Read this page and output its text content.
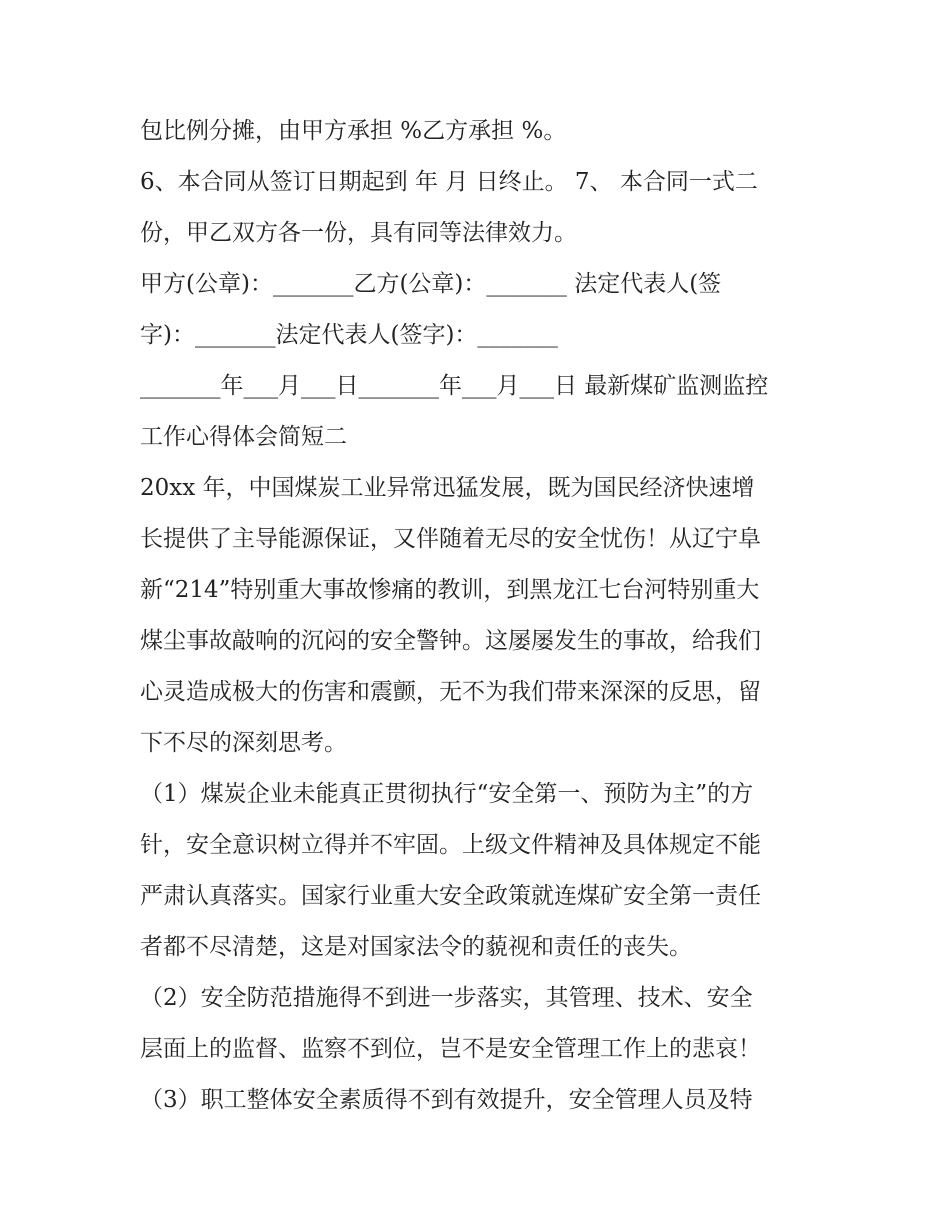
包比例分摊，由甲方承担 %乙方承担 %。
6、本合同从签订日期起到 年 月 日终止。 7、 本合同一式二
份，甲乙双方各一份，具有同等法律效力。
甲方(公章)：_______乙方(公章)：_______ 法定代表人(签
字)：_______法定代表人(签字)：_______
_______年___月___日_______年___月___日 最新煤矿监测监控
工作心得体会简短二
20xx 年，中国煤炭工业异常迅猛发展，既为国民经济快速增
长提供了主导能源保证，又伴随着无尽的安全忧伤！从辽宁阜
新“214”特别重大事故惨痛的教训，到黑龙江七台河特别重大
煤尘事故敲响的沉闷的安全警钟。这屡屡发生的事故，给我们
心灵造成极大的伤害和震颤，无不为我们带来深深的反思，留
下不尽的深刻思考。
（1）煤炭企业未能真正贯彻执行“安全第一、预防为主”的方
针，安全意识树立得并不牢固。上级文件精神及具体规定不能
严肃认真落实。国家行业重大安全政策就连煤矿安全第一责任
者都不尽清楚，这是对国家法令的藐视和责任的丧失。
（2）安全防范措施得不到进一步落实，其管理、技术、安全
层面上的监督、监察不到位，岂不是安全管理工作上的悲哀！
（3）职工整体安全素质得不到有效提升，安全管理人员及特
